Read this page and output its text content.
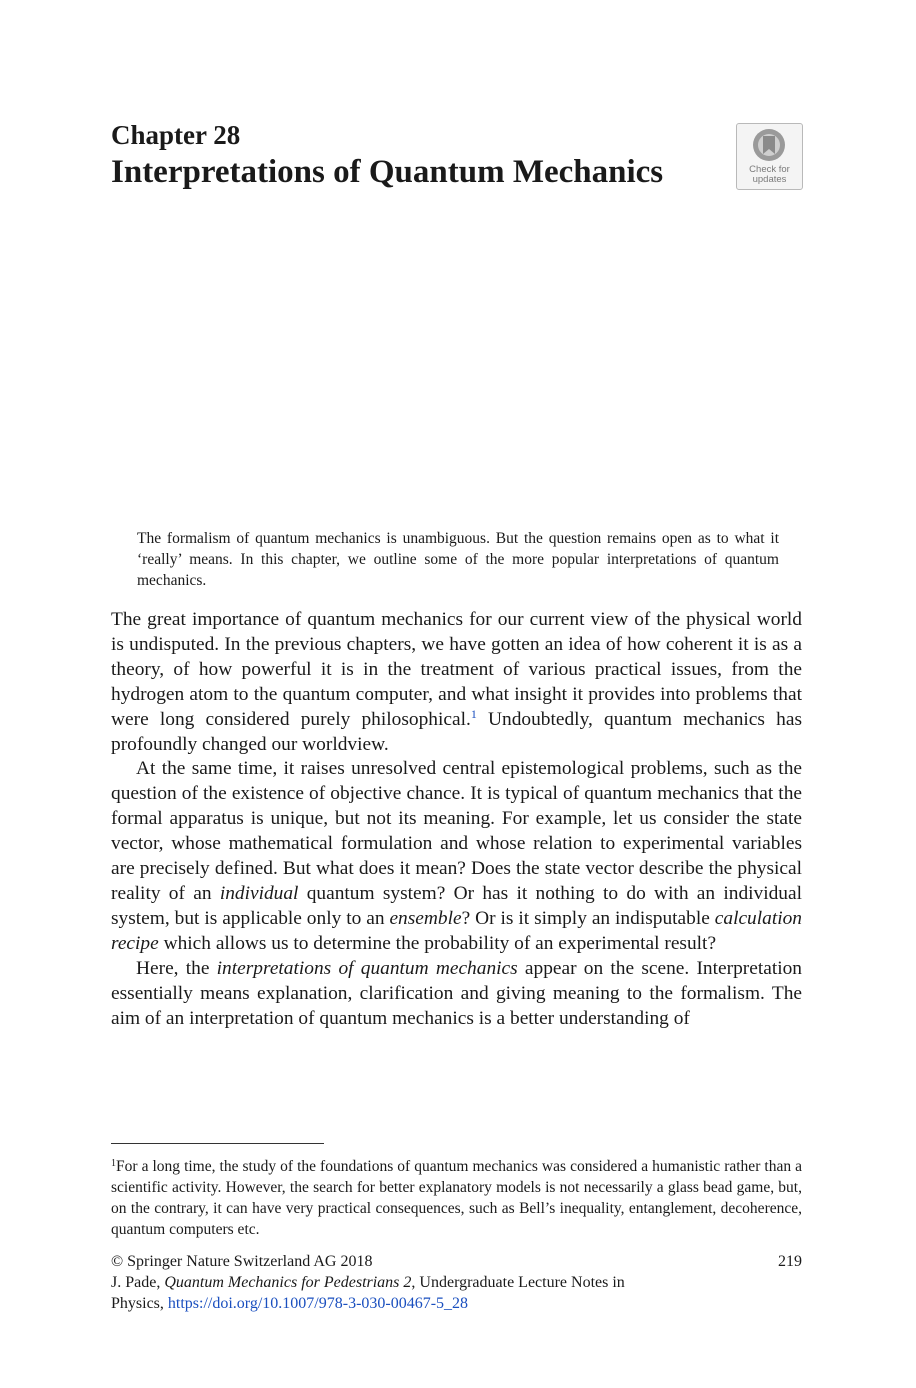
Chapter 28
Interpretations of Quantum Mechanics	Check for
updates

The formalism of quantum mechanics is unambiguous. But the question remains open as to what it ‘really’ means. In this chapter, we outline some of the more popular interpretations of quantum mechanics.

The great importance of quantum mechanics for our current view of the physical world is undisputed. In the previous chapters, we have gotten an idea of how coherent it is as a theory, of how powerful it is in the treatment of various practical issues, from the hydrogen atom to the quantum computer, and what insight it provides into problems that were long considered purely philosophical.$^1$ Undoubtedly, quantum mechanics has profoundly changed our worldview.

At the same time, it raises unresolved central epistemological problems, such as the question of the existence of objective chance. It is typical of quantum mechanics that the formal apparatus is unique, but not its meaning. For example, let us consider the state vector, whose mathematical formulation and whose relation to experimental variables are precisely defined. But what does it mean? Does the state vector describe the physical reality of an individual quantum system? Or has it nothing to do with an individual system, but is applicable only to an ensemble? Or is it simply an indisputable calculation recipe which allows us to determine the probability of an experimental result?

Here, the interpretations of quantum mechanics appear on the scene. Interpretation essentially means explanation, clarification and giving meaning to the formalism. The aim of an interpretation of quantum mechanics is a better understanding of

$^1$For a long time, the study of the foundations of quantum mechanics was considered a humanistic rather than a scientific activity. However, the search for better explanatory models is not necessarily a glass bead game, but, on the contrary, it can have very practical consequences, such as Bell’s inequality, entanglement, decoherence, quantum computers etc.

© Springer Nature Switzerland AG 2018	219
J. Pade, Quantum Mechanics for Pedestrians 2, Undergraduate Lecture Notes in Physics, https://doi.org/10.1007/978-3-030-00467-5_28
